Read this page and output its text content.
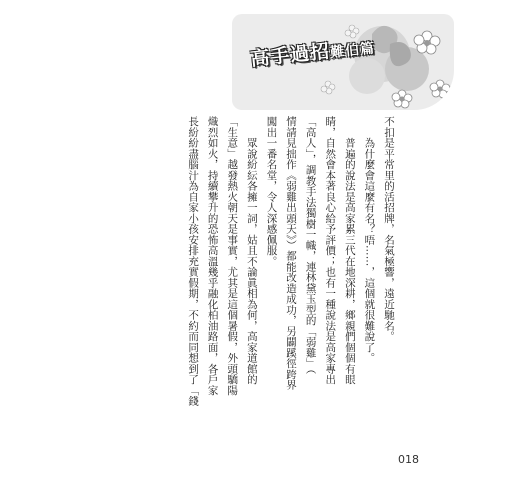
高手過招難伯篇

不扣是平常里的活招牌，名氣極響，遠近馳名。

　　為什麼會這麼有名？唔……，這個就很難說了。

　　普遍的說法是高家累三代在地深耕，鄉親們個個有眼

睛，自然會本著良心給予評價；也有一種說法是高家專出

「高人」，調教手法獨樹一幟，連林黛玉型的「弱雞」（

情請見拙作《弱雞出頭天》）都能改造成功，另闢蹊徑跨界

闖出一番名堂，令人深感佩服。

　　眾說紛紜各擁一詞，姑且不論眞相為何，高家道館的

「生意」越發熱火朝天是事實，尤其是這個暑假，外頭驕陽

熾烈如火，持續攀升的恐怖高溫幾乎融化柏油路面，各戶家

長紛紛盡腦汁為自家小孩安排充實假期，不約而同想到了「錢

018
